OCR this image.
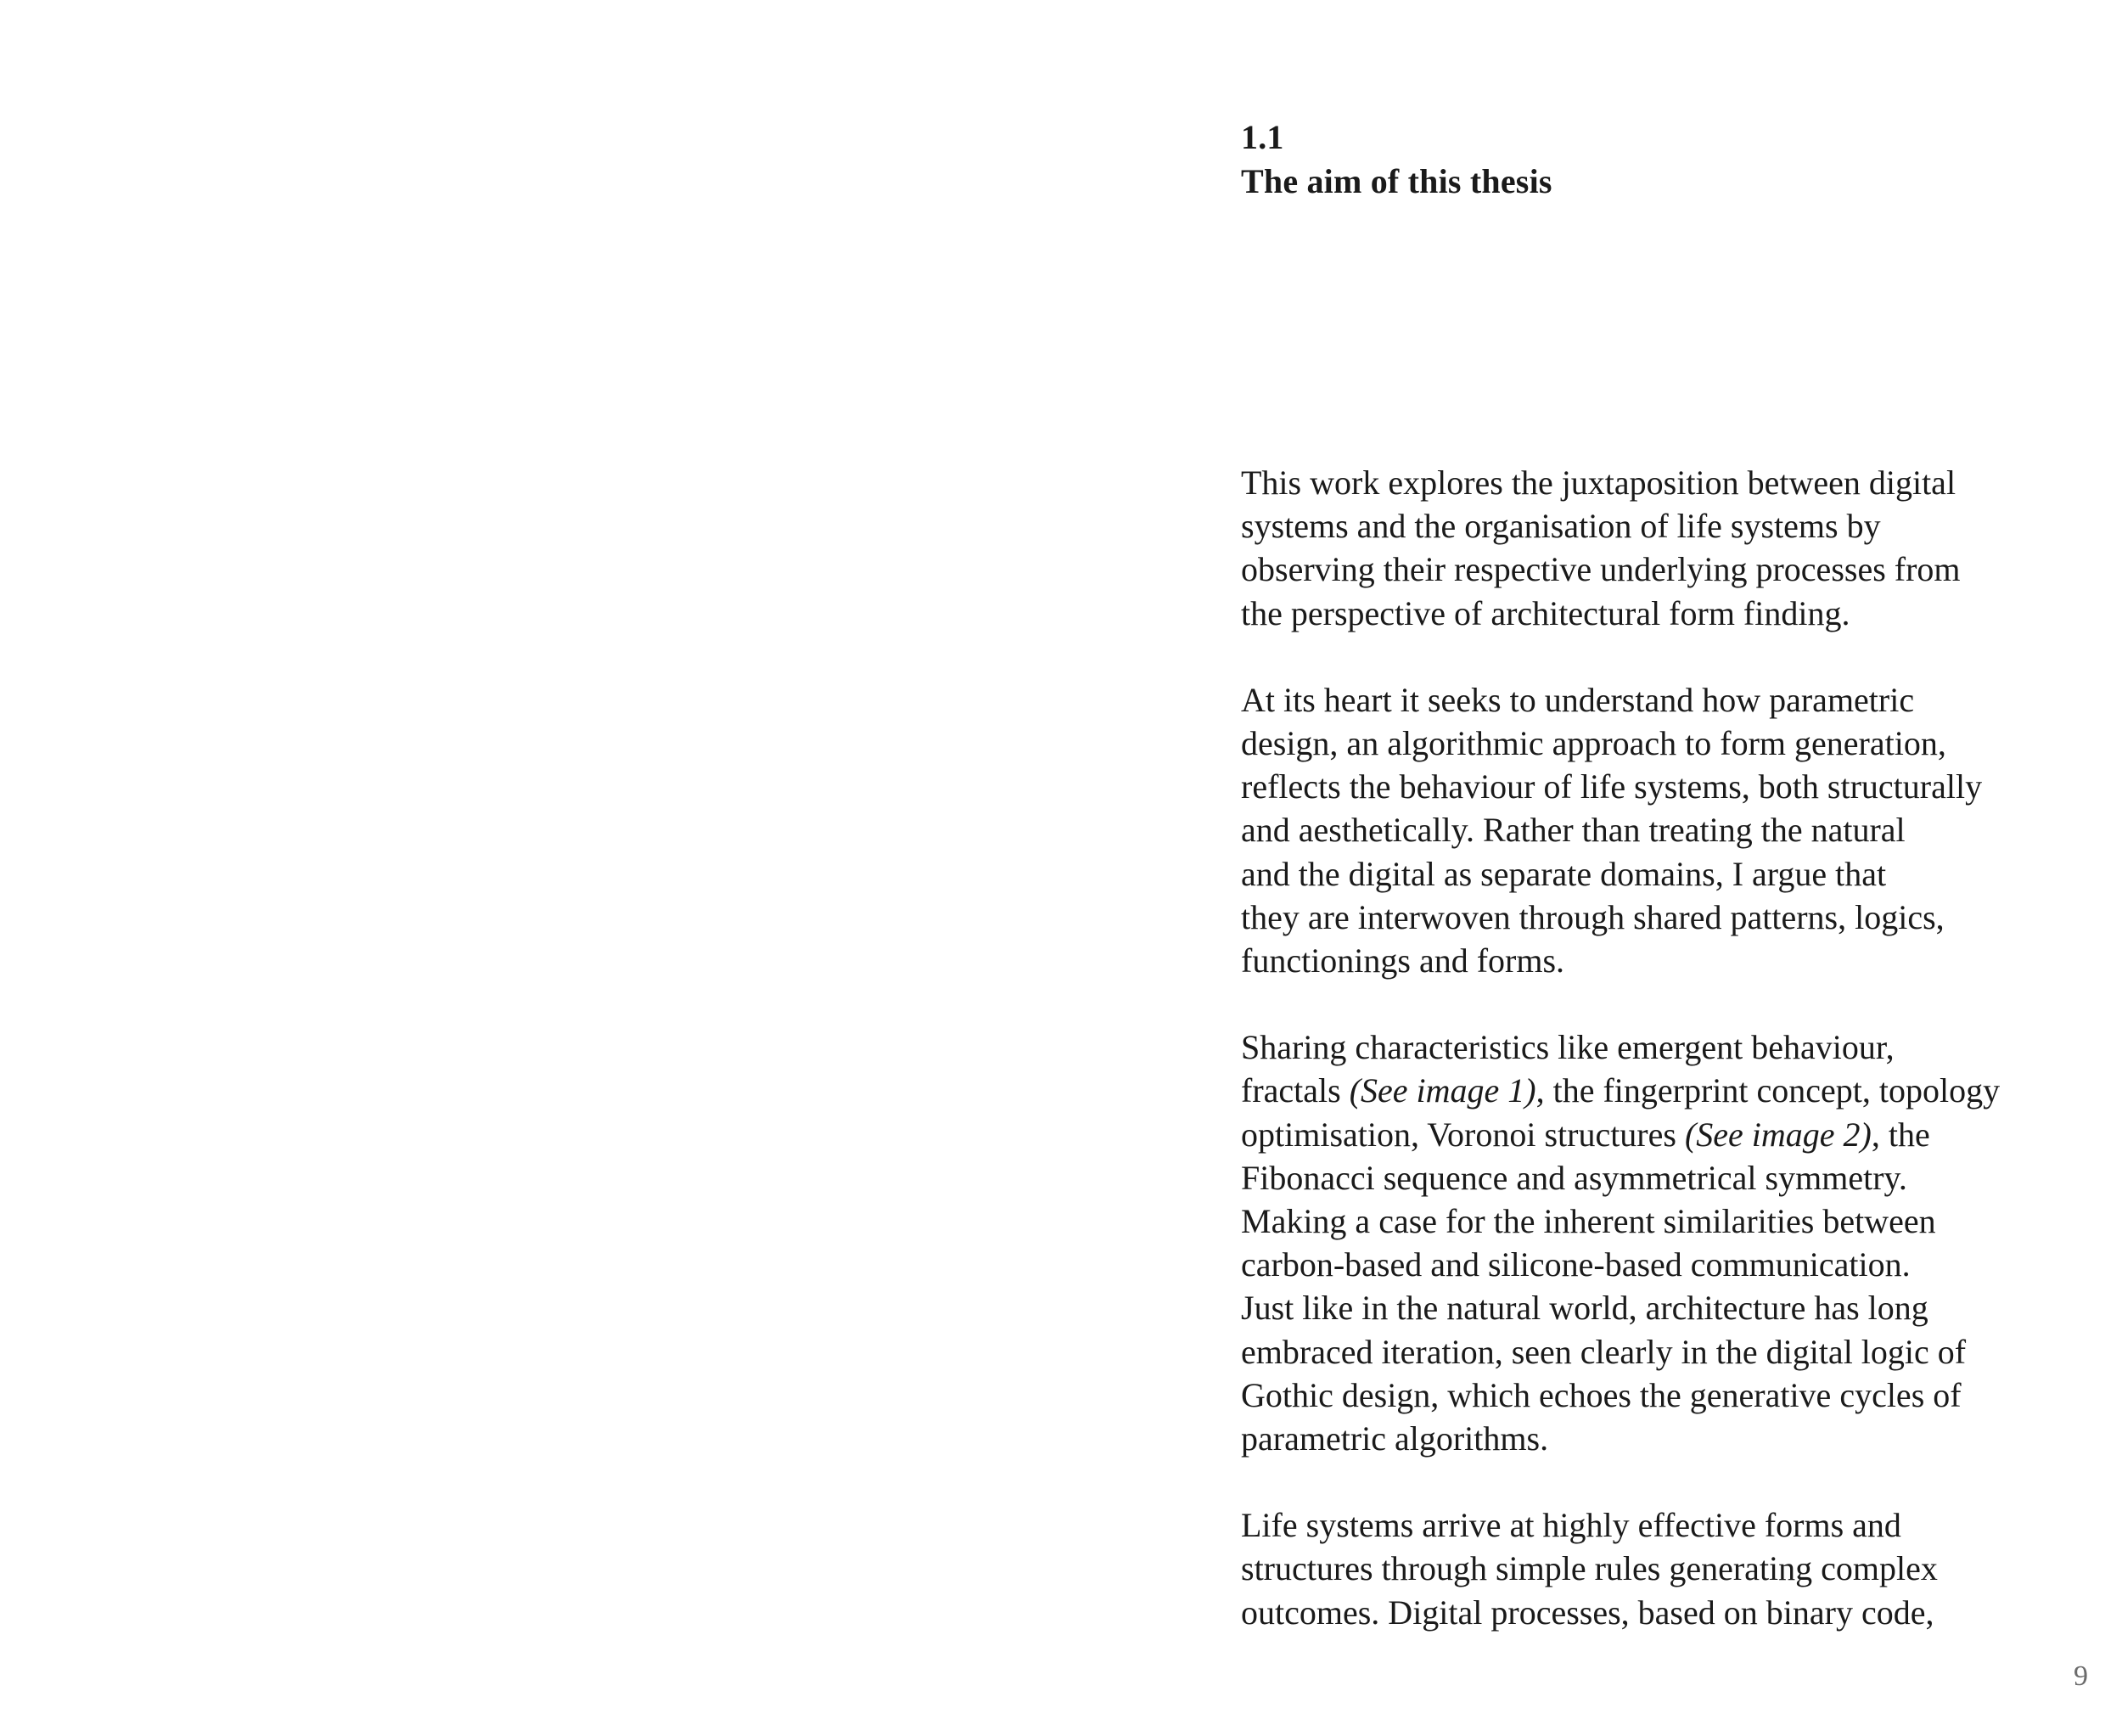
1.1
The aim of this thesis
This work explores the juxtaposition between digital
systems and the organisation of life systems by
observing their respective underlying processes from
the perspective of architectural form finding.
At its heart it seeks to understand how parametric
design, an algorithmic approach to form generation,
reflects the behaviour of life systems, both structurally
and aesthetically. Rather than treating the natural
and the digital as separate domains, I argue that
they are interwoven through shared patterns, logics,
functionings and forms.
Sharing characteristics like emergent behaviour,
fractals (See image 1), the fingerprint concept, topology
optimisation, Voronoi structures (See image 2), the
Fibonacci sequence and asymmetrical symmetry.
Making a case for the inherent similarities between
carbon-based and silicone-based communication.
Just like in the natural world, architecture has long
embraced iteration, seen clearly in the digital logic of
Gothic design, which echoes the generative cycles of
parametric algorithms.
Life systems arrive at highly effective forms and
structures through simple rules generating complex
outcomes. Digital processes, based on binary code,
9
